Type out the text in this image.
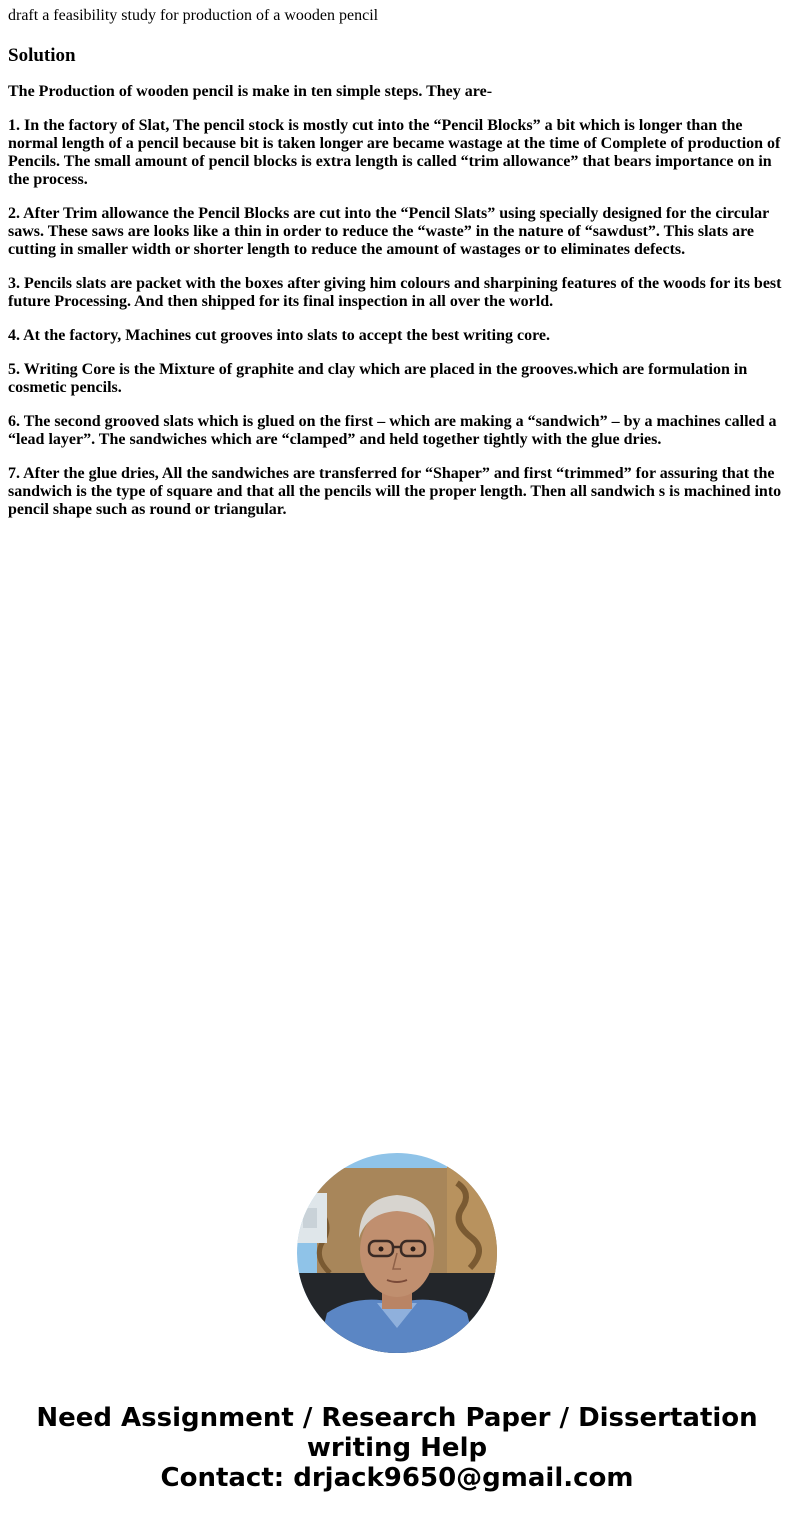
draft a feasibility study for production of a wooden pencil

Solution

The Production of wooden pencil is make in ten simple steps. They are-

1. In the factory of Slat, The pencil stock is mostly cut into the “Pencil Blocks” a bit which is longer than the normal length of a pencil because bit is taken longer are became wastage at the time of Complete of production of Pencils. The small amount of pencil blocks is extra length is called “trim allowance” that bears importance on in the process.

2. After Trim allowance the Pencil Blocks are cut into the “Pencil Slats” using specially designed for the circular saws. These saws are looks like a thin in order to reduce the “waste” in the nature of “sawdust”. This slats are cutting in smaller width or shorter length to reduce the amount of wastages or to eliminates defects.

3. Pencils slats are packet with the boxes after giving him colours and sharpining features of the woods for its best future Processing. And then shipped for its final inspection in all over the world.

4. At the factory, Machines cut grooves into slats to accept the best writing core.

5. Writing Core is the Mixture of graphite and clay which are placed in the grooves.which are formulation in cosmetic pencils.

6. The second grooved slats which is glued on the first – which are making a “sandwich” – by a machines called a “lead layer”. The sandwiches which are “clamped” and held together tightly with the glue dries.

7. After the glue dries, All the sandwiches are transferred for “Shaper” and first “trimmed” for assuring that the sandwich is the type of square and that all the pencils will the proper length. Then all sandwich s is machined into pencil shape such as round or triangular.

Need Assignment / Research Paper / Dissertation
writing Help
Contact: drjack9650@gmail.com
